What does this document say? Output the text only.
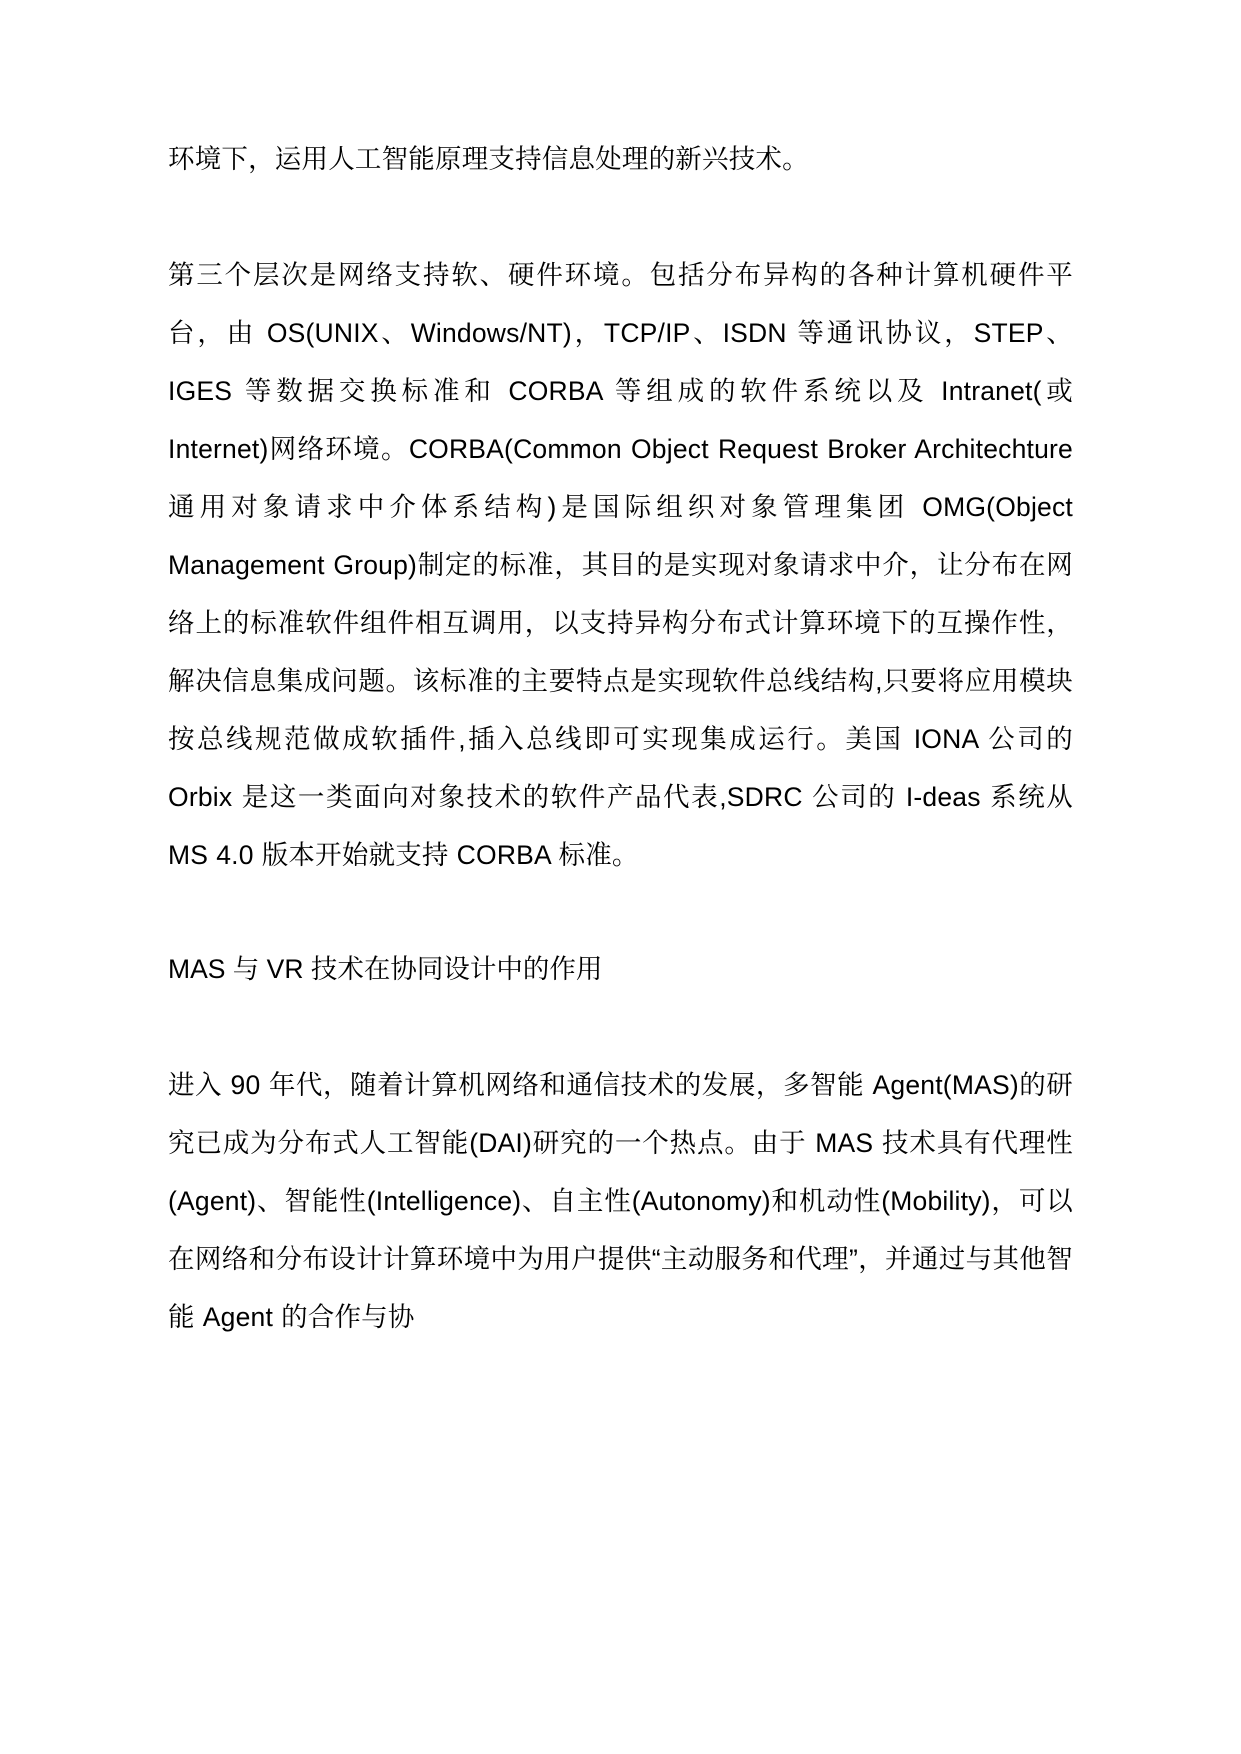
环境下，运用人工智能原理支持信息处理的新兴技术。

第三个层次是网络支持软、硬件环境。包括分布异构的各种计算机硬件平台，由 OS(UNIX、Windows/NT)，TCP/IP、ISDN 等通讯协议，STEP、IGES 等数据交换标准和 CORBA 等组成的软件系统以及 Intranet(或 Internet)网络环境。CORBA(Common Object Request Broker Architechture 通用对象请求中介体系结构)是国际组织对象管理集团 OMG(Object Management Group)制定的标准，其目的是实现对象请求中介，让分布在网络上的标准软件组件相互调用，以支持异构分布式计算环境下的互操作性，解决信息集成问题。该标准的主要特点是实现软件总线结构,只要将应用模块按总线规范做成软插件,插入总线即可实现集成运行。美国 IONA 公司的 Orbix 是这一类面向对象技术的软件产品代表,SDRC 公司的 I-deas 系统从 MS 4.0 版本开始就支持 CORBA 标准。

MAS 与 VR 技术在协同设计中的作用

进入 90 年代，随着计算机网络和通信技术的发展，多智能 Agent(MAS)的研究已成为分布式人工智能(DAI)研究的一个热点。由于 MAS 技术具有代理性(Agent)、智能性(Intelligence)、自主性(Autonomy)和机动性(Mobility)，可以在网络和分布设计计算环境中为用户提供“主动服务和代理”，并通过与其他智能 Agent 的合作与协
